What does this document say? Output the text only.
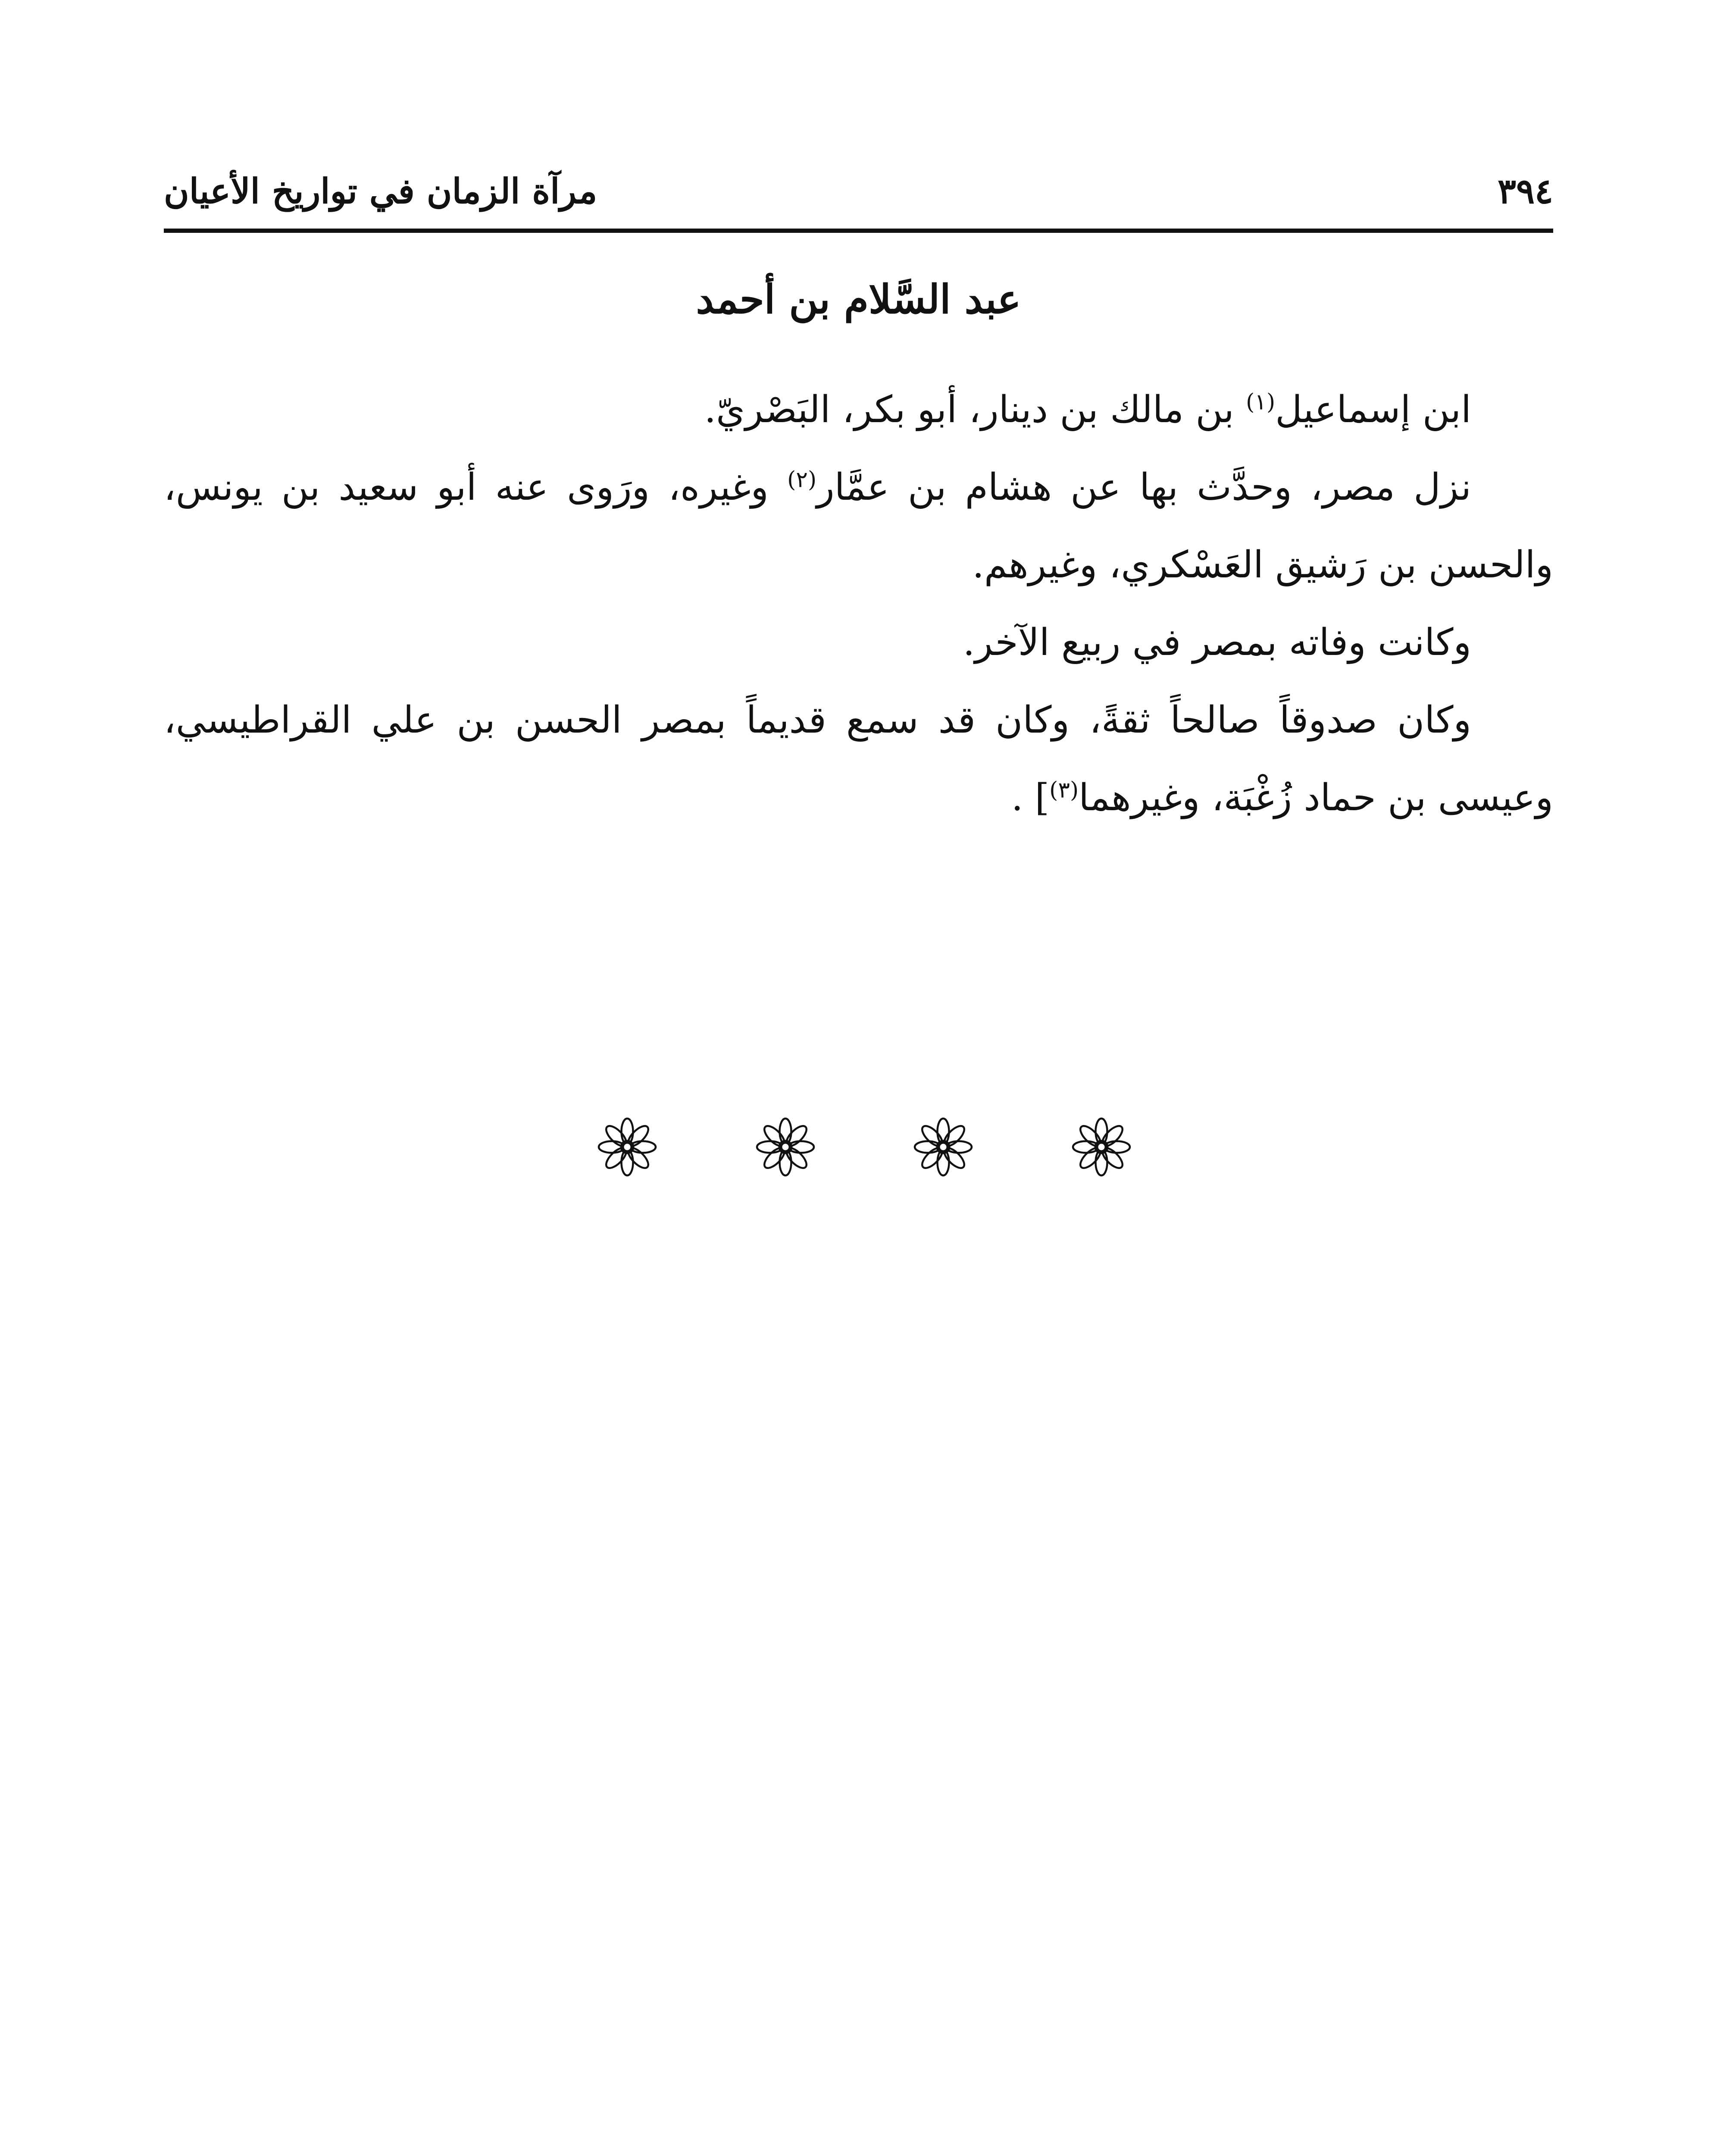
٣٩٤
مرآة الزمان في تواريخ الأعيان
عبد السَّلام بن أحمد

ابن إسماعيل$^{(١)}$ بن مالك بن دينار، أبو بكر، البَصْريّ.

نزل مصر، وحدَّث بها عن هشام بن عمَّار$^{(٢)}$ وغيره، ورَوى عنه أبو سعيد بن يونس، والحسن بن رَشيق العَسْكري، وغيرهم.

وكانت وفاته بمصر في ربيع الآخر.

وكان صدوقاً صالحاً ثقةً، وكان قد سمع قديماً بمصر الحسن بن علي القراطيسي، وعيسى بن حماد زُغْبَة، وغيرهما$^{(٣)}$] .
